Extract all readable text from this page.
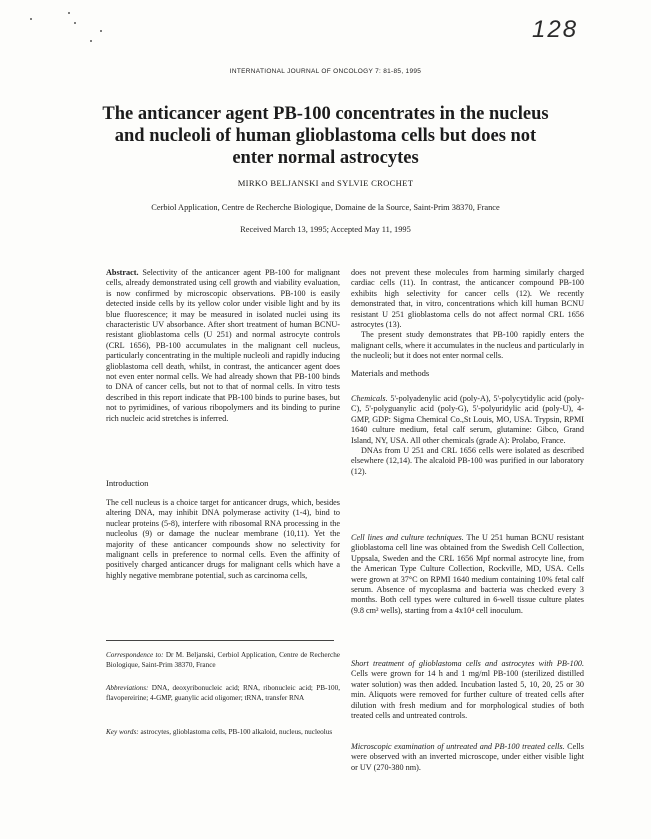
128
INTERNATIONAL JOURNAL OF ONCOLOGY 7: 81-85, 1995
The anticancer agent PB-100 concentrates in the nucleus and nucleoli of human glioblastoma cells but does not enter normal astrocytes
MIRKO BELJANSKI and SYLVIE CROCHET
Cerbiol Application, Centre de Recherche Biologique, Domaine de la Source, Saint-Prim 38370, France
Received March 13, 1995; Accepted May 11, 1995

Abstract. Selectivity of the anticancer agent PB-100 for malignant cells, already demonstrated using cell growth and viability evaluation, is now confirmed by microscopic observations. PB-100 is easily detected inside cells by its yellow color under visible light and by its blue fluorescence; it may be measured in isolated nuclei using its characteristic UV absorbance. After short treatment of human BCNU-resistant glioblastoma cells (U 251) and normal astrocyte controls (CRL 1656), PB-100 accumulates in the malignant cell nucleus, particularly concentrating in the multiple nucleoli and rapidly inducing glioblastoma cell death, whilst, in contrast, the anticancer agent does not even enter normal cells. We had already shown that PB-100 binds to DNA of cancer cells, but not to that of normal cells. In vitro tests described in this report indicate that PB-100 binds to purine bases, but not to pyrimidines, of various ribopolymers and its binding to purine rich nucleic acid stretches is inferred.

Introduction
The cell nucleus is a choice target for anticancer drugs, which, besides altering DNA, may inhibit DNA polymerase activity (1-4), bind to nuclear proteins (5-8), interfere with ribosomal RNA processing in the nucleolus (9) or damage the nuclear membrane (10,11). Yet the majority of these anticancer compounds show no selectivity for malignant cells in preference to normal cells. Even the affinity of positively charged anticancer drugs for malignant cells which have a highly negative membrane potential, such as carcinoma cells,

Correspondence to: Dr M. Beljanski, Cerbiol Application, Centre de Recherche Biologique, Saint-Prim 38370, France

Abbreviations: DNA, deoxyribonucleic acid; RNA, ribonucleic acid; PB-100, flavopereirine; 4-GMP, guanylic acid oligomer; tRNA, transfer RNA

Key words: astrocytes, glioblastoma cells, PB-100 alkaloid, nucleus, nucleolus

does not prevent these molecules from harming similarly charged cardiac cells (11). In contrast, the anticancer compound PB-100 exhibits high selectivity for cancer cells (12). We recently demonstrated that, in vitro, concentrations which kill human BCNU resistant U 251 glioblastoma cells do not affect normal CRL 1656 astrocytes (13).

The present study demonstrates that PB-100 rapidly enters the malignant cells, where it accumulates in the nucleus and particularly in the nucleoli; but it does not enter normal cells.

Materials and methods

Chemicals. 5'-polyadenylic acid (poly-A), 5'-polycytidylic acid (poly-C), 5'-polyguanylic acid (poly-G), 5'-polyuridylic acid (poly-U), 4-GMP, GDP: Sigma Chemical Co.,St Louis, MO, USA. Trypsin, RPMI 1640 culture medium, fetal calf serum, glutamine: Gibco, Grand Island, NY, USA. All other chemicals (grade A): Prolabo, France.

DNAs from U 251 and CRL 1656 cells were isolated as described elsewhere (12,14). The alcaloid PB-100 was purified in our laboratory (12).

Cell lines and culture techniques. The U 251 human BCNU resistant glioblastoma cell line was obtained from the Swedish Cell Collection, Uppsala, Sweden and the CRL 1656 Mpf normal astrocyte line, from the American Type Culture Collection, Rockville, MD, USA. Cells were grown at 37°C on RPMI 1640 medium containing 10% fetal calf serum. Absence of mycoplasma and bacteria was checked every 3 months. Both cell types were cultured in 6-well tissue culture plates (9.8 cm² wells), starting from a 4x10⁴ cell inoculum.

Short treatment of glioblastoma cells and astrocytes with PB-100. Cells were grown for 14 h and 1 mg/ml PB-100 (sterilized distilled water solution) was then added. Incubation lasted 5, 10, 20, 25 or 30 min. Aliquots were removed for further culture of treated cells after dilution with fresh medium and for morphological studies of both treated cells and untreated controls.

Microscopic examination of untreated and PB-100 treated cells. Cells were observed with an inverted microscope, under either visible light or UV (270-380 nm).
